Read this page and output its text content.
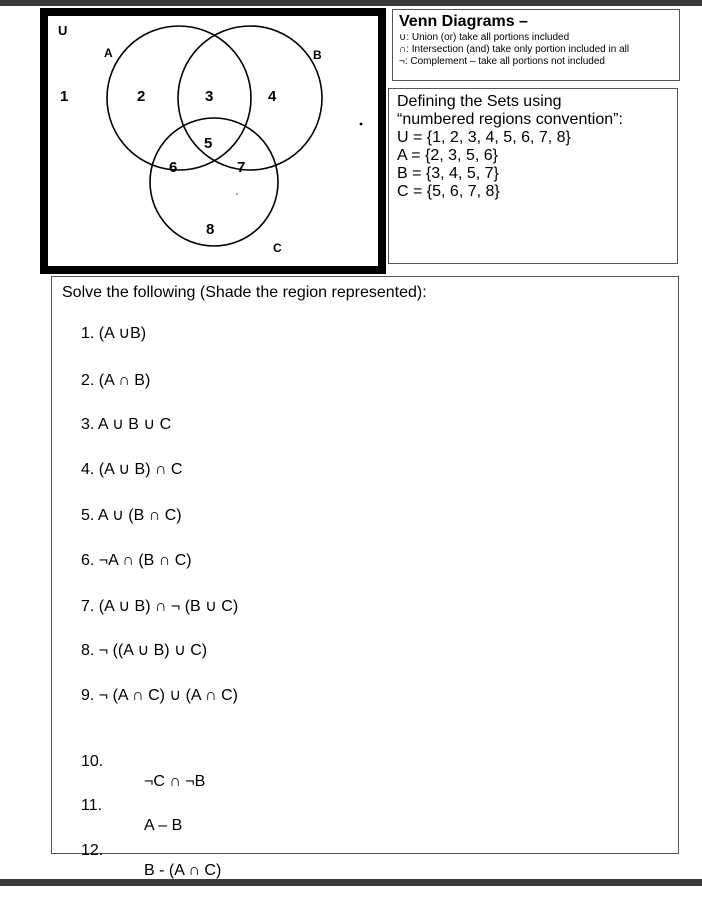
U
A	B
C
1	2	3	4
5
6	7
8
Venn Diagrams –
∪: Union (or) take all portions included
∩: Intersection (and) take only portion included in all
¬: Complement – take all portions not included
Defining the Sets using
“numbered regions convention”:
U = {1, 2, 3, 4, 5, 6, 7, 8}
A = {2, 3, 5, 6}
B = {3, 4, 5, 7}
C = {5, 6, 7, 8}
Solve the following (Shade the region represented):
1. (A ∪B)
2. (A ∩ B)
3. A ∪ B ∪ C
4. (A ∪ B) ∩ C
5. A ∪ (B ∩ C)
6. ¬A ∩ (B ∩ C)
7. (A ∪ B) ∩ ¬ (B ∪ C)
8. ¬ ((A ∪ B) ∪ C)
9. ¬ (A ∩ C) ∪ (A ∩ C)

10.

¬C ∩ ¬B

11.

A – B

12.

B - (A ∩ C)
